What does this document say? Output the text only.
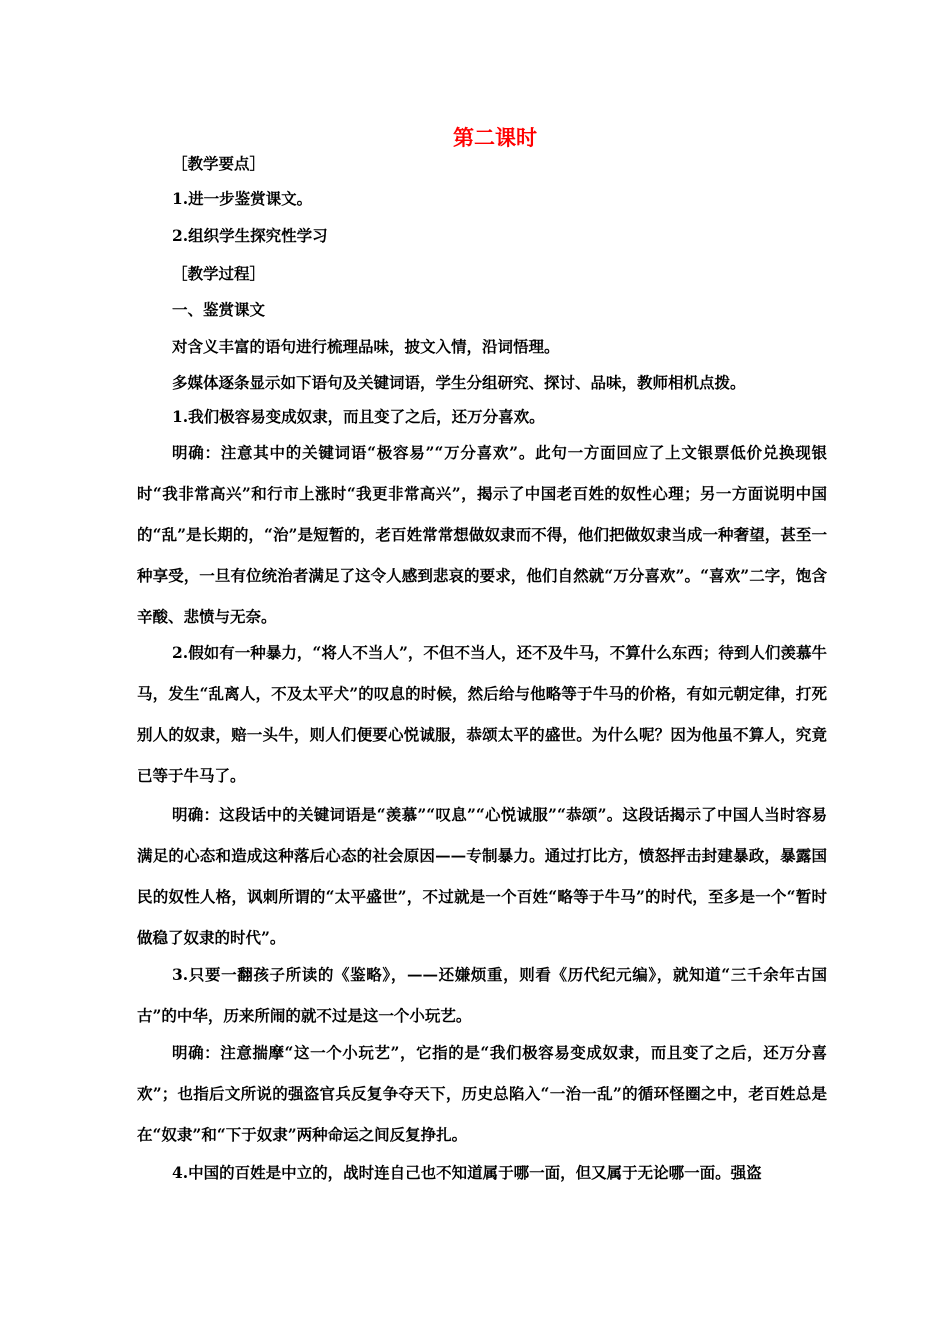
第二课时
［教学要点］
1.进一步鉴赏课文。
2.组织学生探究性学习
［教学过程］
一、鉴赏课文
对含义丰富的语句进行梳理品味，披文入情，沿词悟理。
多媒体逐条显示如下语句及关键词语，学生分组研究、探讨、品味，教师相机点拨。
1.我们极容易变成奴隶，而且变了之后，还万分喜欢。
明确：注意其中的关键词语“极容易”“万分喜欢”。此句一方面回应了上文银票低价兑换现银时“我非常高兴”和行市上涨时“我更非常高兴”，揭示了中国老百姓的奴性心理；另一方面说明中国的“乱”是长期的，“治”是短暂的，老百姓常常想做奴隶而不得，他们把做奴隶当成一种奢望，甚至一种享受，一旦有位统治者满足了这令人感到悲哀的要求，他们自然就“万分喜欢”。“喜欢”二字，饱含辛酸、悲愤与无奈。
2.假如有一种暴力，“将人不当人”，不但不当人，还不及牛马，不算什么东西；待到人们羡慕牛马，发生“乱离人，不及太平犬”的叹息的时候，然后给与他略等于牛马的价格，有如元朝定律，打死别人的奴隶，赔一头牛，则人们便要心悦诚服，恭颂太平的盛世。为什么呢？因为他虽不算人，究竟已等于牛马了。
明确：这段话中的关键词语是“羡慕”“叹息”“心悦诚服”“恭颂”。这段话揭示了中国人当时容易满足的心态和造成这种落后心态的社会原因——专制暴力。通过打比方，愤怒抨击封建暴政，暴露国民的奴性人格，讽刺所谓的“太平盛世”，不过就是一个百姓“略等于牛马”的时代，至多是一个“暂时做稳了奴隶的时代”。
3.只要一翻孩子所读的《鉴略》，——还嫌烦重，则看《历代纪元编》，就知道“三千余年古国古”的中华，历来所闹的就不过是这一个小玩艺。
明确：注意揣摩“这一个小玩艺”，它指的是“我们极容易变成奴隶，而且变了之后，还万分喜欢”；也指后文所说的强盗官兵反复争夺天下，历史总陷入“一治一乱”的循环怪圈之中，老百姓总是在“奴隶”和“下于奴隶”两种命运之间反复挣扎。
4.中国的百姓是中立的，战时连自己也不知道属于哪一面，但又属于无论哪一面。强盗
